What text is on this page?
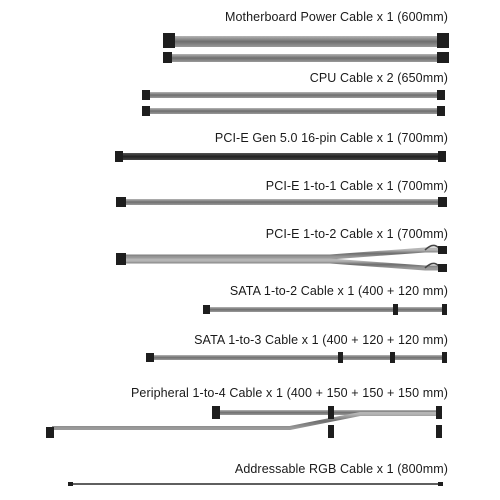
Motherboard Power Cable x 1 (600mm)
CPU Cable x 2 (650mm)
PCI-E Gen 5.0 16-pin Cable x 1 (700mm)
PCI-E 1-to-1 Cable x 1 (700mm)
PCI-E 1-to-2 Cable x 1 (700mm)
SATA 1-to-2 Cable x 1 (400 + 120 mm)
SATA 1-to-3 Cable x 1 (400 + 120 + 120 mm)
Peripheral 1-to-4 Cable x 1 (400 + 150 + 150 + 150 mm)
Addressable RGB Cable x 1 (800mm)
